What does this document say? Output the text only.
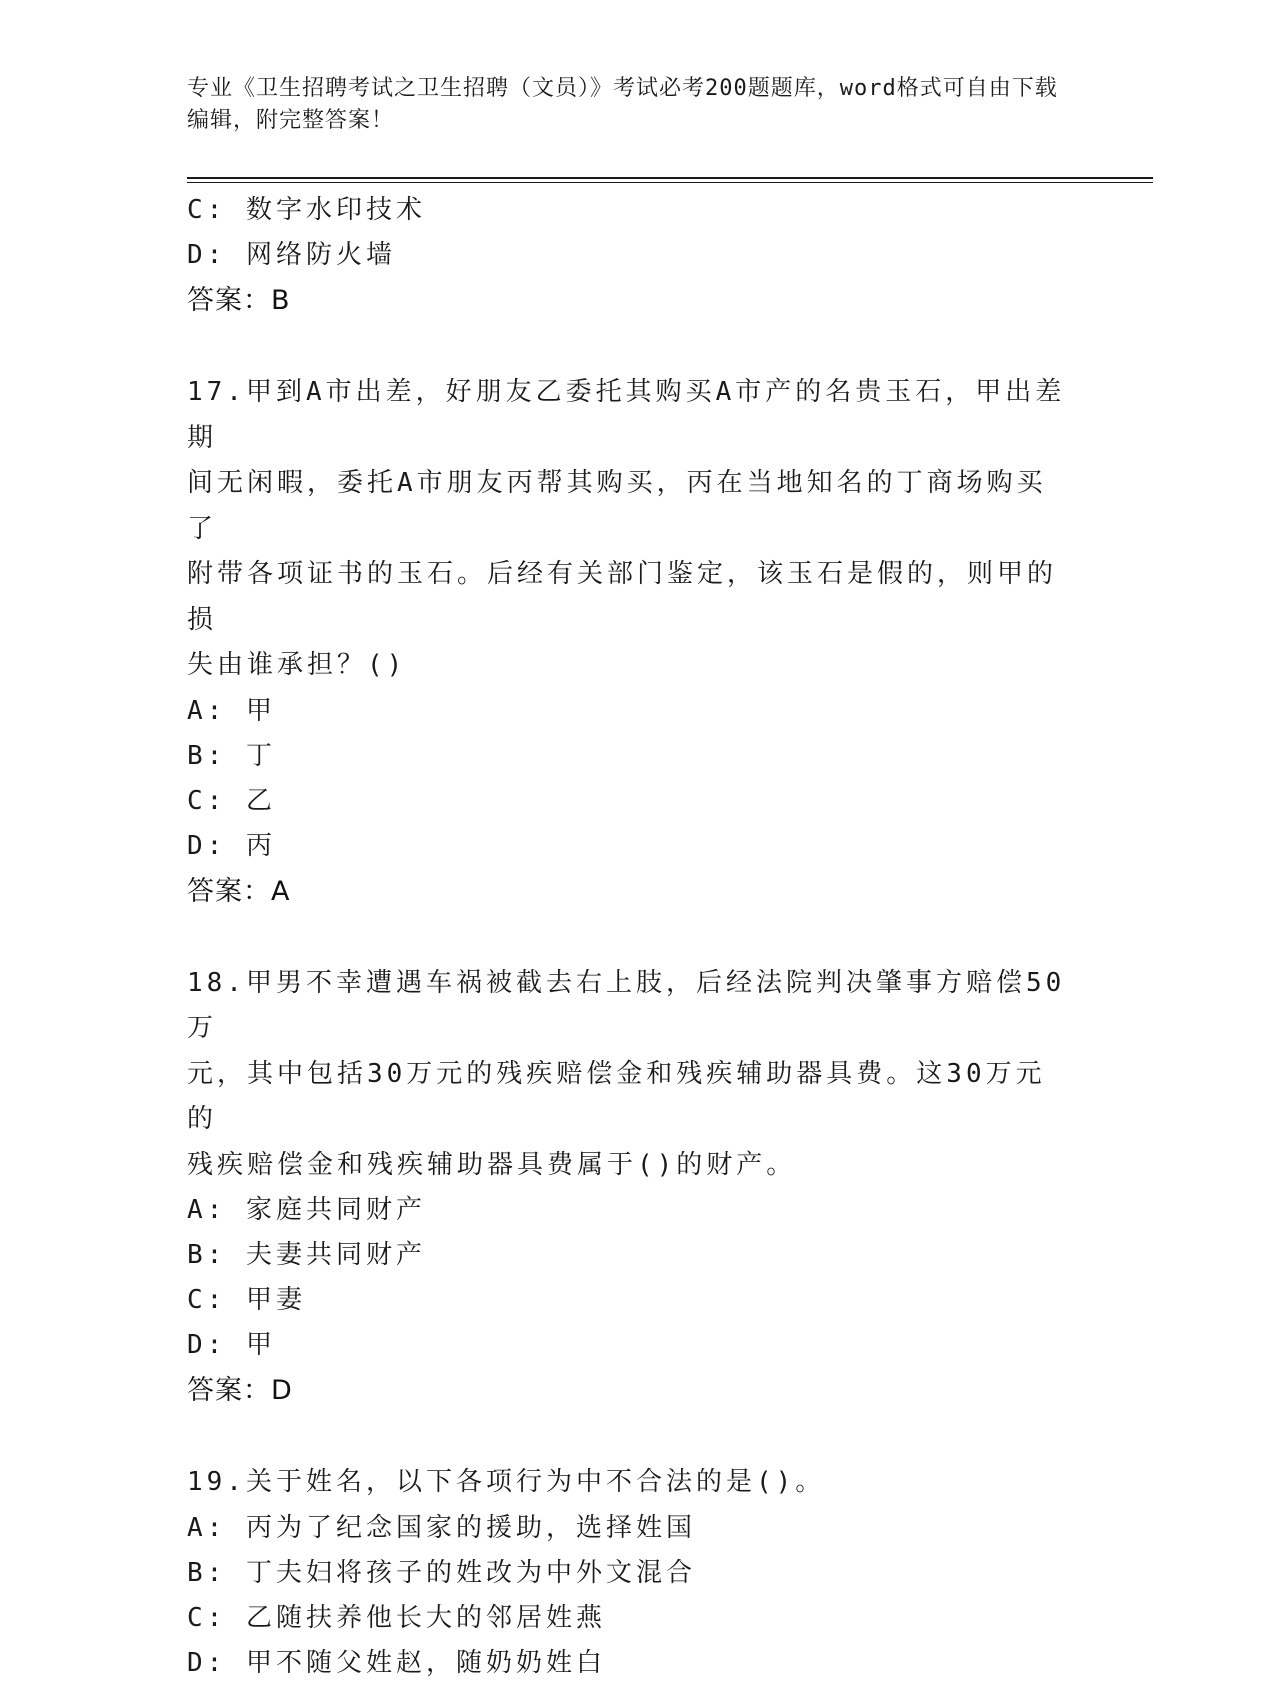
专业《卫生招聘考试之卫生招聘（文员）》考试必考200题题库，word格式可自由下载编辑，附完整答案！
C: 数字水印技术
D: 网络防火墙
答案：B
17.甲到A市出差，好朋友乙委托其购买A市产的名贵玉石，甲出差期
间无闲暇，委托A市朋友丙帮其购买，丙在当地知名的丁商场购买了
附带各项证书的玉石。后经有关部门鉴定，该玉石是假的，则甲的损
失由谁承担？()
A: 甲
B: 丁
C: 乙
D: 丙
答案：A
18.甲男不幸遭遇车祸被截去右上肢，后经法院判决肇事方赔偿50万
元，其中包括30万元的残疾赔偿金和残疾辅助器具费。这30万元的
残疾赔偿金和残疾辅助器具费属于()的财产。
A: 家庭共同财产
B: 夫妻共同财产
C: 甲妻
D: 甲
答案：D
19.关于姓名，以下各项行为中不合法的是()。
A: 丙为了纪念国家的援助，选择姓国
B: 丁夫妇将孩子的姓改为中外文混合
C: 乙随扶养他长大的邻居姓燕
D: 甲不随父姓赵，随奶奶姓白
